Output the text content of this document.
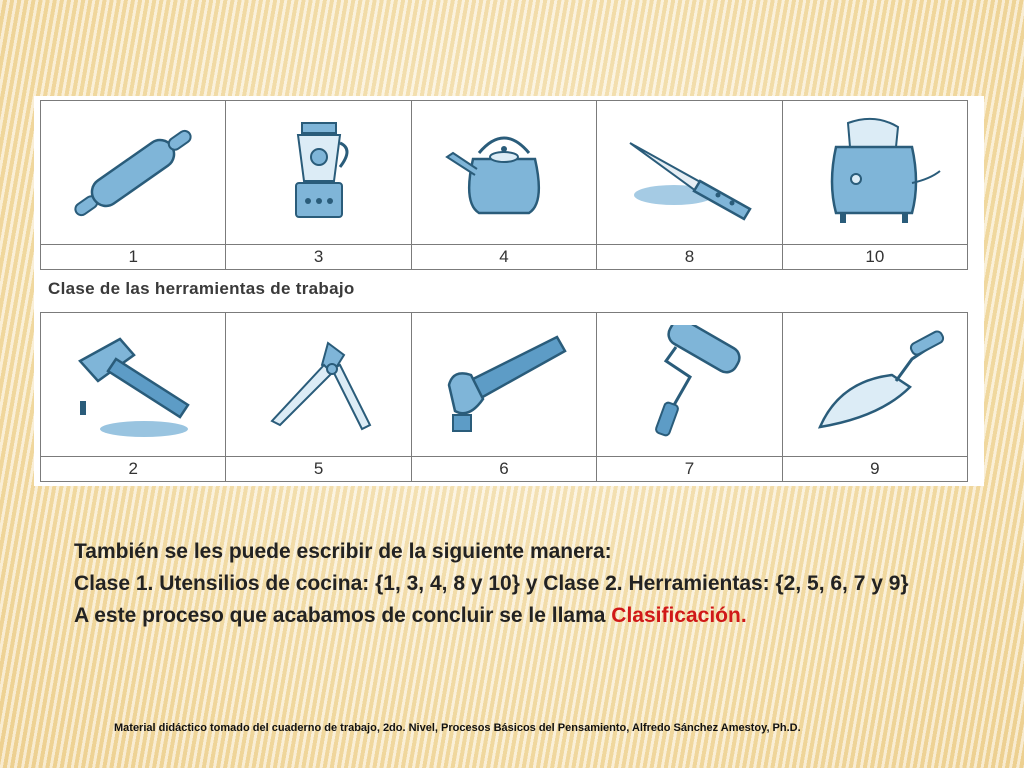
1	3	4	8	10
Clase de las herramientas de trabajo
2	5	6	7	9

También se les puede escribir de la siguiente manera:

Clase 1. Utensilios de cocina: {1, 3, 4, 8 y 10} y Clase 2. Herramientas: {2, 5, 6, 7 y 9}

A este proceso que acabamos de concluir se le llama Clasificación.

Material didáctico tomado del cuaderno de trabajo, 2do. Nivel, Procesos Básicos del Pensamiento, Alfredo Sánchez Amestoy, Ph.D.
